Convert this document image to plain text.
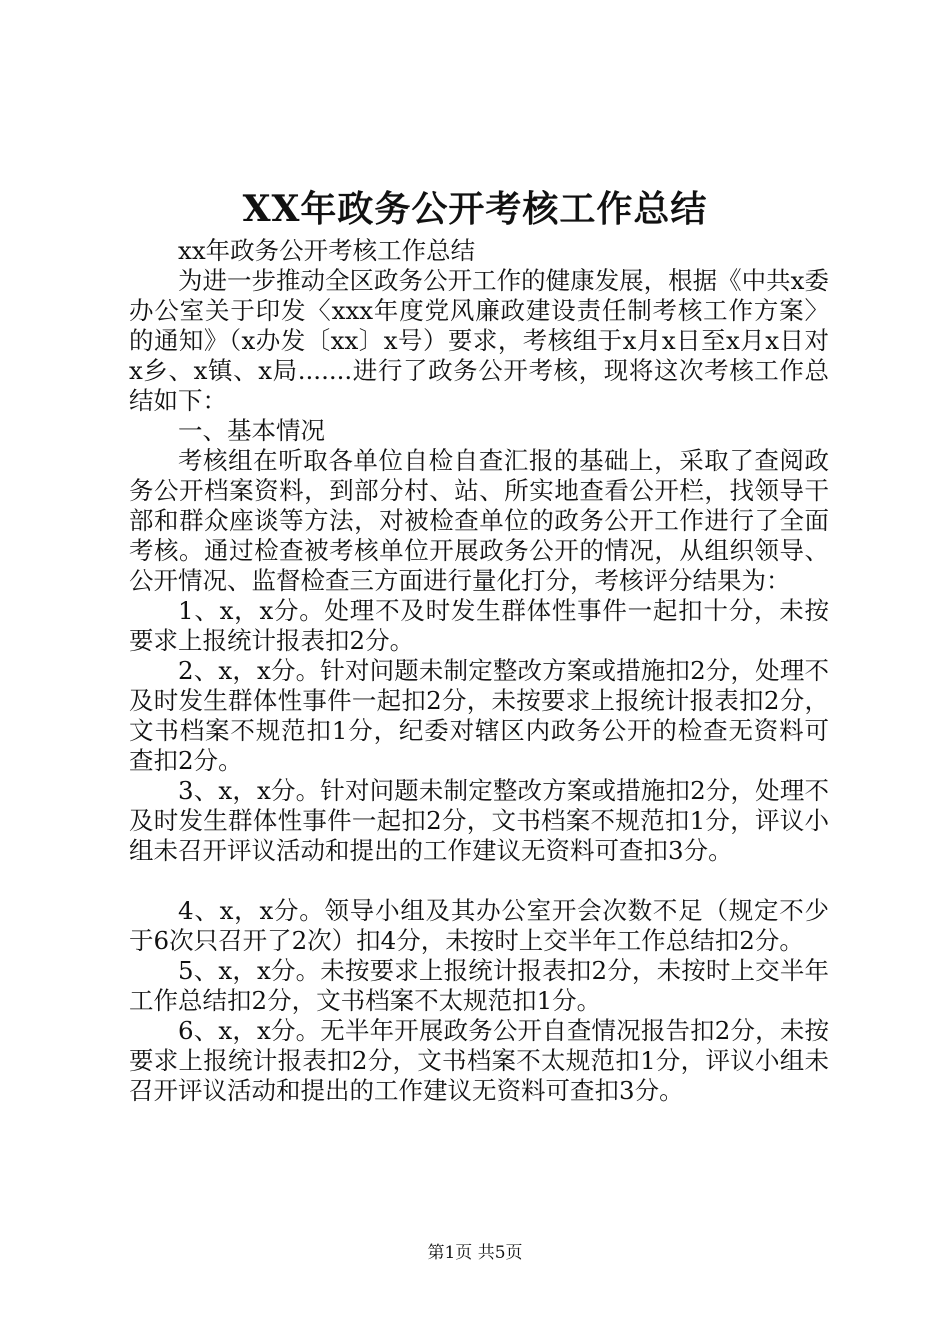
XX年政务公开考核工作总结

xx年政务公开考核工作总结

为进一步推动全区政务公开工作的健康发展，根据《中共x委办公室关于印发〈xxx年度党风廉政建设责任制考核工作方案〉的通知》（x办发〔xx〕x号）要求，考核组于x月x日至x月x日对x乡、x镇、x局.......进行了政务公开考核，现将这次考核工作总结如下：

一、基本情况

考核组在听取各单位自检自查汇报的基础上，采取了查阅政务公开档案资料，到部分村、站、所实地查看公开栏，找领导干部和群众座谈等方法，对被检查单位的政务公开工作进行了全面考核。通过检查被考核单位开展政务公开的情况，从组织领导、公开情况、监督检查三方面进行量化打分，考核评分结果为：

1、x，x分。处理不及时发生群体性事件一起扣十分，未按要求上报统计报表扣2分。

2、x，x分。针对问题未制定整改方案或措施扣2分，处理不及时发生群体性事件一起扣2分，未按要求上报统计报表扣2分，文书档案不规范扣1分，纪委对辖区内政务公开的检查无资料可查扣2分。

3、x，x分。针对问题未制定整改方案或措施扣2分，处理不及时发生群体性事件一起扣2分，文书档案不规范扣1分，评议小组未召开评议活动和提出的工作建议无资料可查扣3分。

4、x，x分。领导小组及其办公室开会次数不足（规定不少于6次只召开了2次）扣4分，未按时上交半年工作总结扣2分。

5、x，x分。未按要求上报统计报表扣2分，未按时上交半年工作总结扣2分，文书档案不太规范扣1分。

6、x，x分。无半年开展政务公开自查情况报告扣2分，未按要求上报统计报表扣2分，文书档案不太规范扣1分，评议小组未召开评议活动和提出的工作建议无资料可查扣3分。

第1页 共5页
